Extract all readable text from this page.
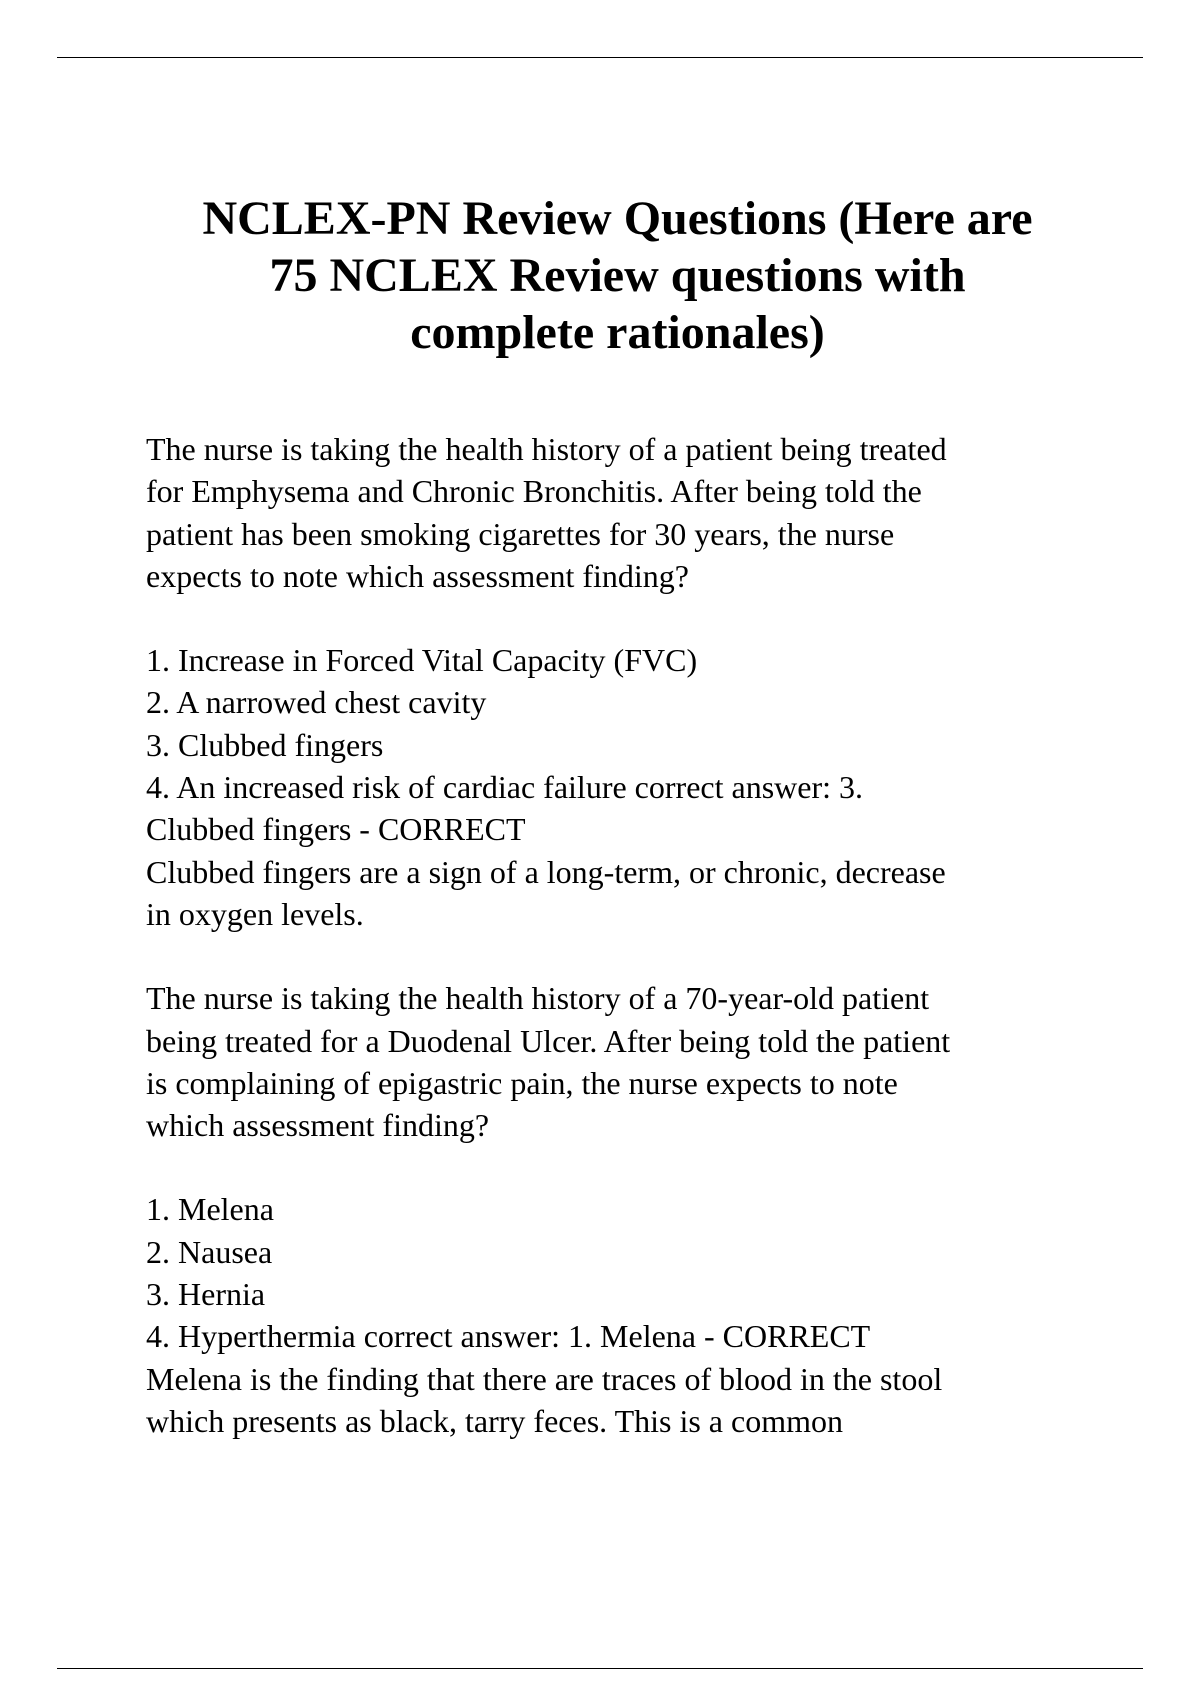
NCLEX-PN Review Questions (Here are
75 NCLEX Review questions with
complete rationales)
The nurse is taking the health history of a patient being treated
for Emphysema and Chronic Bronchitis. After being told the
patient has been smoking cigarettes for 30 years, the nurse
expects to note which assessment finding?
1. Increase in Forced Vital Capacity (FVC)
2. A narrowed chest cavity
3. Clubbed fingers
4. An increased risk of cardiac failure correct answer: 3.
Clubbed fingers - CORRECT
Clubbed fingers are a sign of a long-term, or chronic, decrease
in oxygen levels.
The nurse is taking the health history of a 70-year-old patient
being treated for a Duodenal Ulcer. After being told the patient
is complaining of epigastric pain, the nurse expects to note
which assessment finding?
1. Melena
2. Nausea
3. Hernia
4. Hyperthermia correct answer: 1. Melena - CORRECT
Melena is the finding that there are traces of blood in the stool
which presents as black, tarry feces. This is a common
